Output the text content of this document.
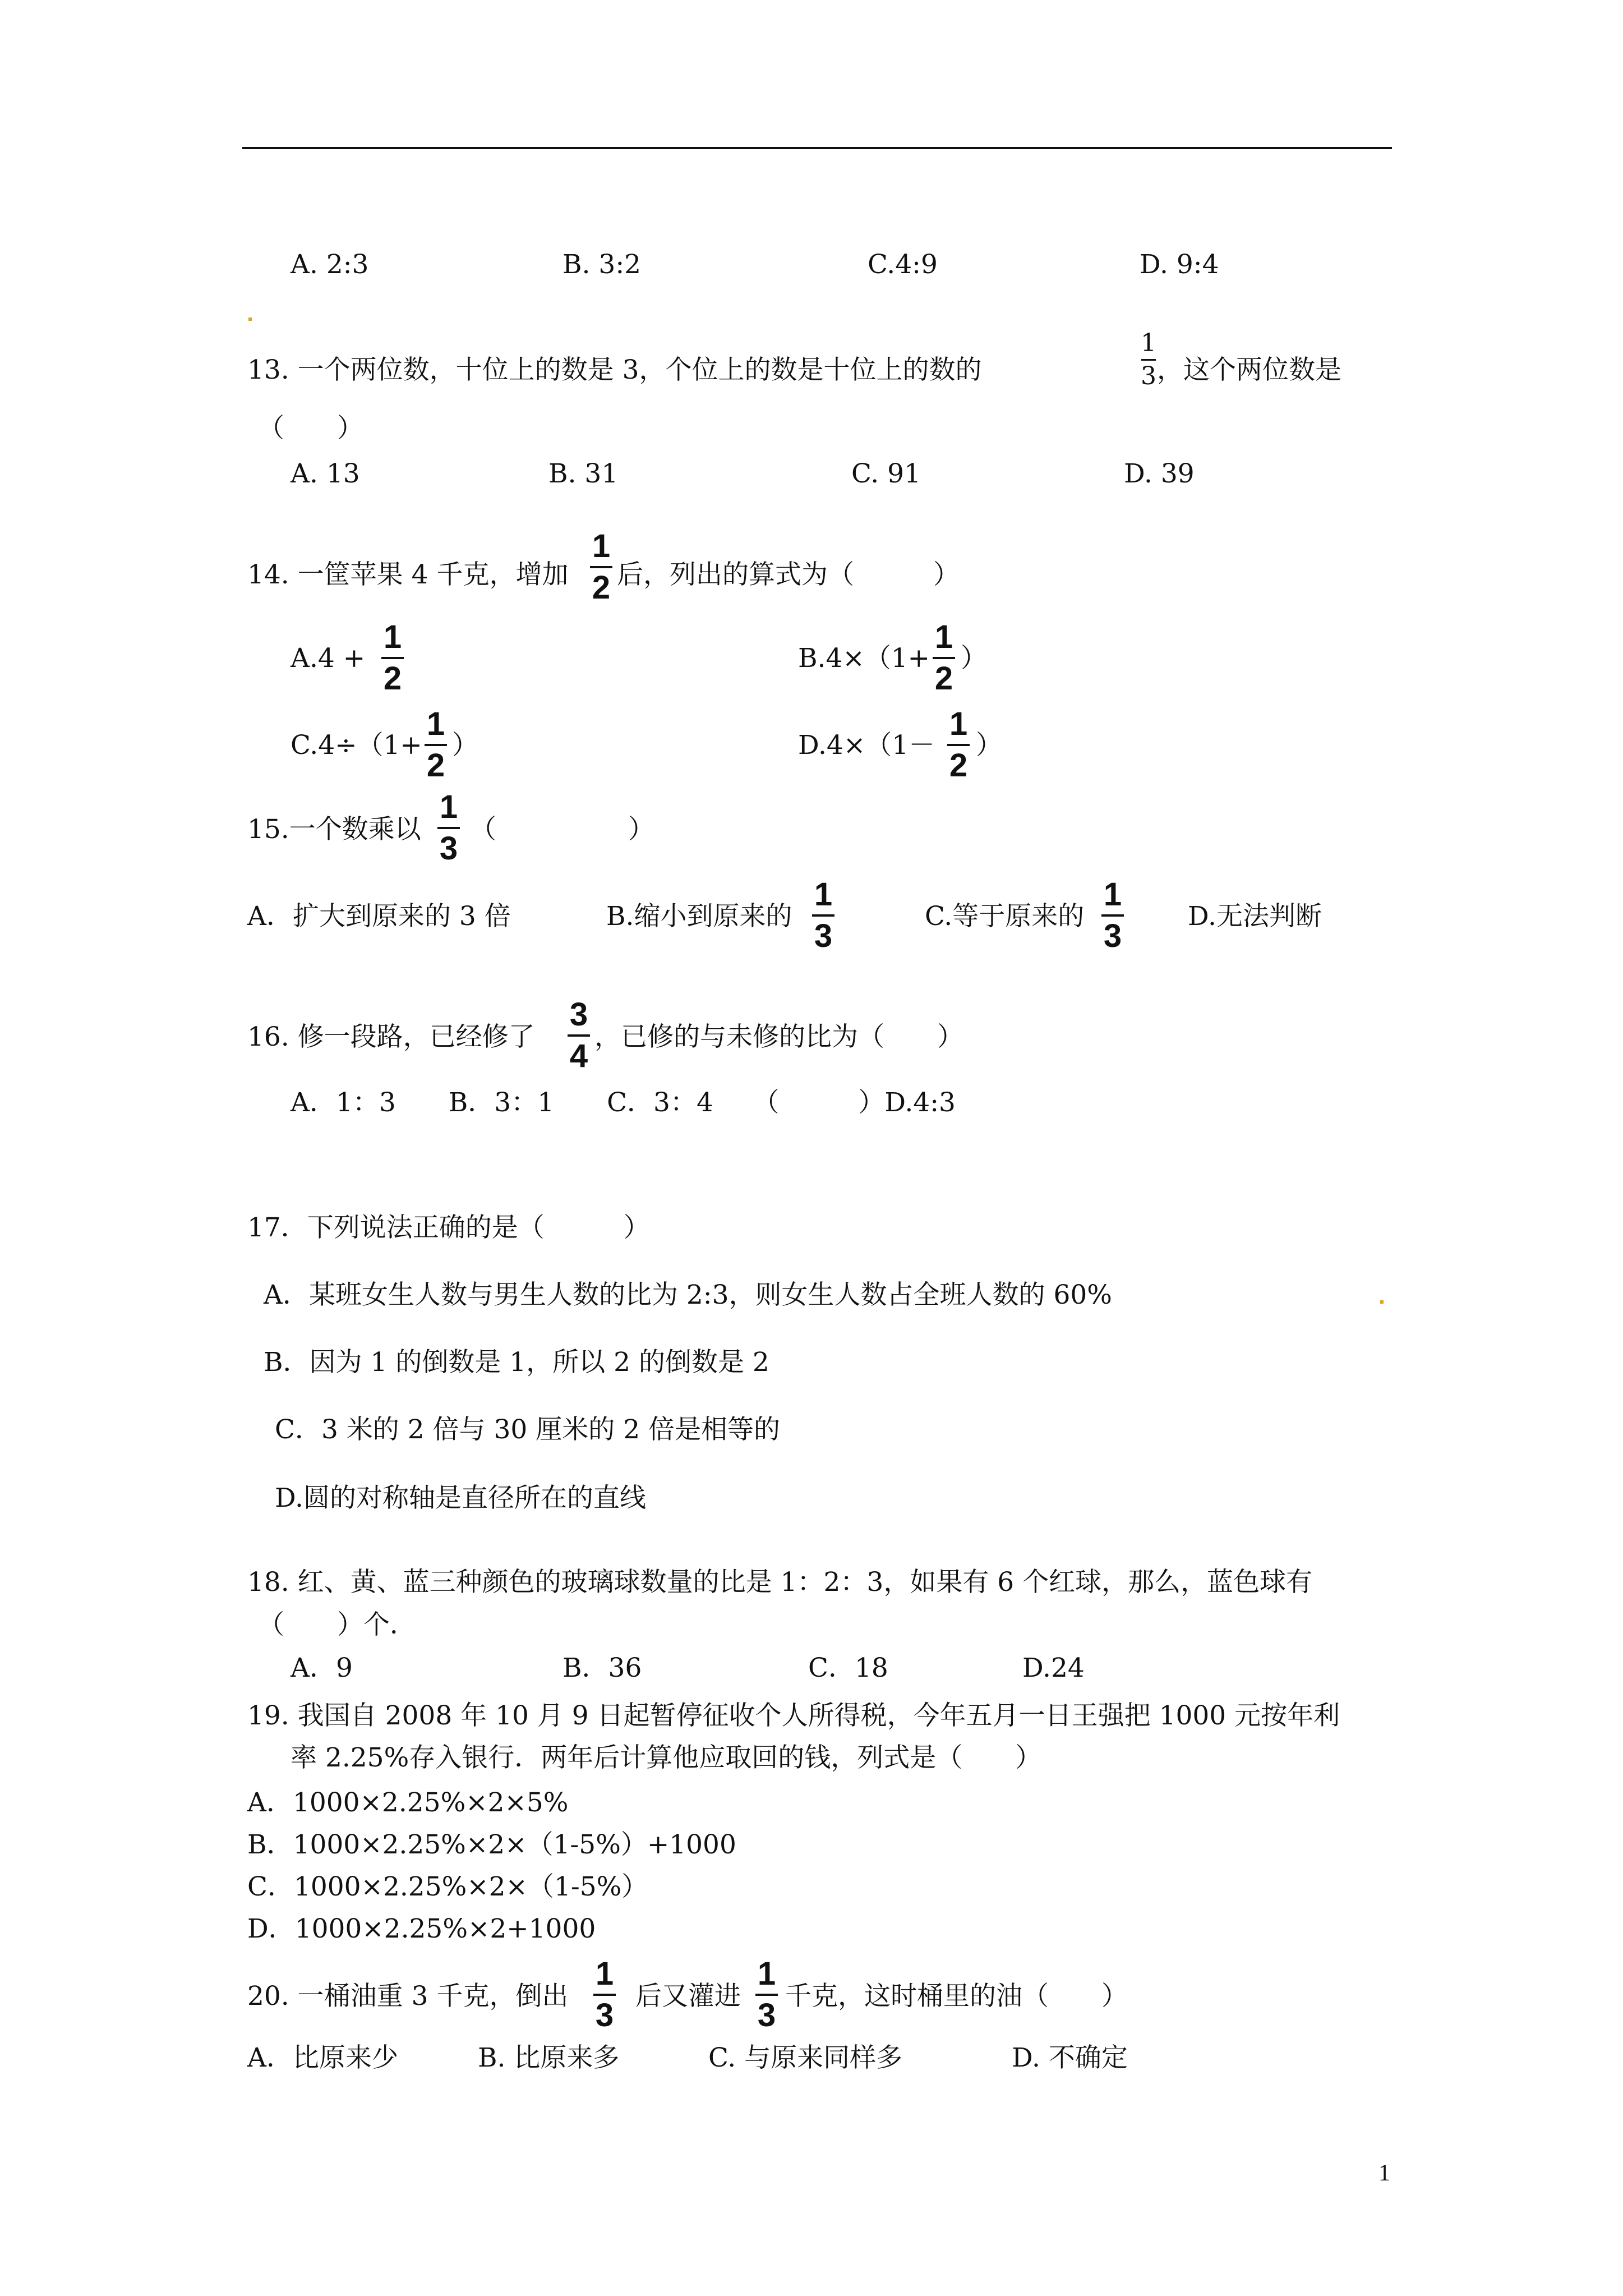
A. 2:3	B. 3:2	C.4:9	D. 9:4
13. 一个两位数，十位上的数是 3，个位上的数是十位上的数的
1
3 ，这个两位数是
（　　）
A. 13	B. 31	C. 91	D. 39
14. 一筐苹果 4 千克，增加
1
2 后，列出的算式为（　　　）
A.4 +
1
2
B.4×（1+
1
2
）
C.4÷（1+
1
2
）	D.4×（1－
1
2
）
15.一个数乘以
1
3
（　　　　　）
A．扩大到原来的 3 倍	B.缩小到原来的
1
3
C.等于原来的
1
3
D.无法判断
16. 修一段路，已经修了
3
4
，已修的与未修的比为（　　）
A．1：3　　B．3：1　　C．3：4　　（　　　）D.4:3
17．下列说法正确的是（　　　）
A．某班女生人数与男生人数的比为 2:3，则女生人数占全班人数的 60%
B．因为 1 的倒数是 1，所以 2 的倒数是 2
C．3 米的 2 倍与 30 厘米的 2 倍是相等的
D.圆的对称轴是直径所在的直线
18. 红、黄、蓝三种颜色的玻璃球数量的比是 1：2：3，如果有 6 个红球，那么，蓝色球有
（　　）个．
A．9	B．36	C．18	D.24
19. 我国自 2008 年 10 月 9 日起暂停征收个人所得税，今年五月一日王强把 1000 元按年利
率 2.25%存入银行．两年后计算他应取回的钱，列式是（　　）
A．1000×2.25%×2×5%
B．1000×2.25%×2×（1-5%）+1000
C．1000×2.25%×2×（1-5%）
D．1000×2.25%×2+1000
20. 一桶油重 3 千克，倒出
1
3
后又灌进
1
3
千克，这时桶里的油（　　）
A．比原来少	B. 比原来多	C. 与原来同样多	D. 不确定
1
